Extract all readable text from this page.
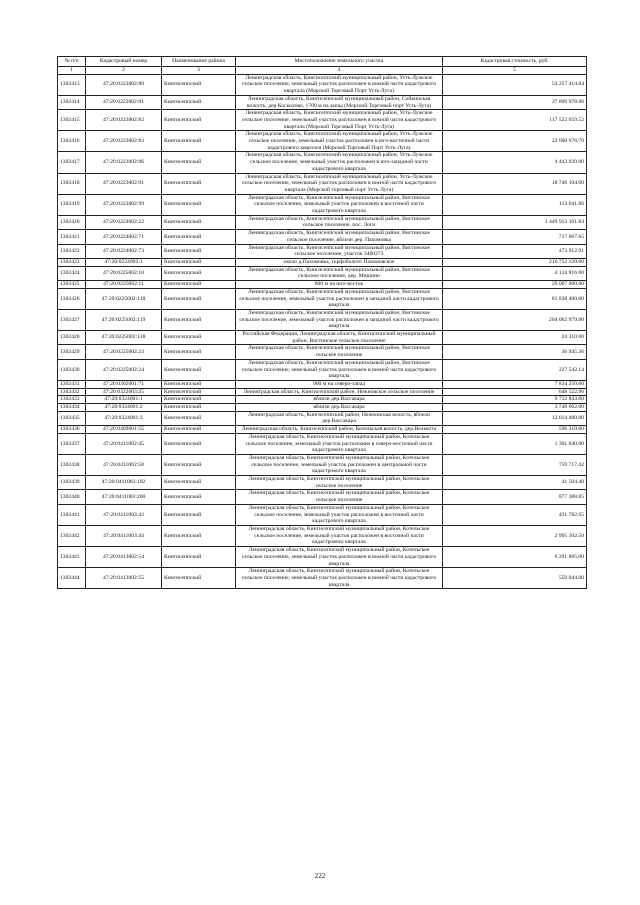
№ п/п	Кадастровый номер	Наименование района	Местоположение земельного участка	Кадастровая стоимость, руб.
1	2	3	4	5
1302413	47:20:0223002:80	Кингисеппский	Ленинградская область, Кингисеппский муниципальный район, Усть-Лужское сельское поселение, земельный участок расположен в южной части кадастрового квартала (Морской Торговый Порт Усть-Луга)	54 257 414.04
1302414	47:20:0223002:81	Кингисеппский	Ленинградская область, Кингисеппский муниципальный район, Сойкинская волость, дер.Косколово, 1700 м на запад (Морской Торговый порт Усть-Луга)	37 809 978.96
1302415	47:20:0223002:82	Кингисеппский	Ленинградская область, Кингисеппский муниципальный район, Усть-Лужское сельское поселение, земельный участок расположен в южной части кадастрового квартала (Морской Торговый Порт Усть-Луга)	117 522 659.52
1302416	47:20:0223002:83	Кингисеппский	Ленинградская область, Кингисеппский муниципальный район, Усть-Лужское сельское поселение, земельный участок расположен в юго-восточной части кадастрового квартала (Морской Торговый Порт Усть-Луга)	22 600 676.70
1302417	47:20:0223002:86	Кингисеппский	Ленинградская область, Кингисеппский муниципальный район, Усть-Лужское сельское поселение, земельный участок расположен в юго-западной части кадастрового квартала	4 443 039.00
1302418	47:20:0223002:91	Кингисеппский	Ленинградская область, Кингисеппский муниципальный район, Усть-Лужское сельское поселение, земельный участок расположен в южной части кадастрового квартала (Морской торговый порт Усть-Луга)	18 746 104.00
1302419	47:20:0223002:99	Кингисеппский	Ленинградская область, Кингисеппский муниципальный район, Вистинское сельское поселение, земельный участок расположен в восточной части кадастрового квартала	113 041.86
1302420	47:20:0224002:22	Кингисеппский	Ленинградская область, Кингисеппский муниципальный район, Вистинское сельское поселение, пос. Логи	1 449 913 101.84
1302421	47:20:0224002:71	Кингисеппский	Ленинградская область, Кингисеппский муниципальный район, Вистинское сельское поселение, вблизи дер. Пахомовка	717 067.65
1302422	47:20:0224002:73	Кингисеппский	Ленинградская область, Кингисеппский муниципальный район, Вистинское сельское поселение, участок 3400273	473 912.91
1302423	47:20:0224003:1	Кингисеппский	около д.Пахомовка, торфоболото Пахомовское	216 752 120.00
1302424	47:20:0225002:10	Кингисеппский	Ленинградская область, Кингисеппский муниципальный район, Вистинское сельское поселение, дер. Мишино	4 134 816.00
1302425	47:20:0225002:11	Кингисеппский	800 м на юго-восток	29 007 000.00
1302426	47:20:0225002:118	Кингисеппский	Ленинградская область, Кингисеппский муниципальный район, Вистинское сельское поселение, земельный участок расположен в западной части кадастрового квартала	81 838 400.00
1302427	47:20:0225002:119	Кингисеппский	Ленинградская область, Кингисеппский муниципальный район, Вистинское сельское поселение, земельный участок расположен в западной части кадастрового квартала	204 062 979.90
1302428	47:20:0225002:138	Кингисеппский	Российская Федерация, Ленинградская область, Кингисеппский муниципальный район, Вистинское сельское поселение	24 310.00
1302429	47:20:0225002:23	Кингисеппский	Ленинградская область, Кингисеппский муниципальный район, Вистинское сельское поселение	36 945.36
1302430	47:20:0225002:24	Кингисеппский	Ленинградская область, Кингисеппский муниципальный район, Вистинское сельское поселение, земельный участок расположен в южной части кадастрового квартала	227 542.14
1302431	47:20:0302001:71	Кингисеппский	900 м на северо-запад	7 834 250.00
1302432	47:20:0322003:25	Кингисеппский	Ленинградская область, Кингисеппский район, Нежновское сельское поселение	648 522.96
1302433	47:20:0324001:1	Кингисеппский	вблизи дер.Вассакара	9 712 843.00
1302434	47:20:0324001:2	Кингисеппский	вблизи дер.Вассакара	3 748 662.00
1302435	47:20:0324001:3	Кингисеппский	Ленинградская область, Кингисеппский район, Нежновская волость, вблизи дер.Вассакара	12 614 480.00
1302436	47:20:0409001:55	Кингисеппский	Ленинградская область, Кингисеппский район, Котельская волость, дер.Велькота	596 310.00
1302437	47:20:0411002:45	Кингисеппский	Ленинградская область, Кингисеппский муниципальный район, Котельское сельское поселение, земельный участок расположен в северо-восточной части кадастрового квартала	1 301 040.00
1302438	47:20:0411002:58	Кингисеппский	Ленинградская область, Кингисеппский муниципальный район, Котельское сельское поселение, земельный участок расположен в центральной части кадастрового квартала	759 717.42
1302439	47:20:0411003:192	Кингисеппский	Ленинградская область, Кингисеппский муниципальный район, Котельское сельское поселение	41 504.40
1302440	47:20:0411003:200	Кингисеппский	Ленинградская область, Кингисеппский муниципальный район, Котельское сельское поселение	877 388.85
1302441	47:20:0411003:43	Кингисеппский	Ленинградская область, Кингисеппский муниципальный район, Котельское сельское поселение, земельный участок расположен в восточной части кадастрового квартала	431 782.65
1302442	47:20:0411003:44	Кингисеппский	Ленинградская область, Кингисеппский муниципальный район, Котельское сельское поселение, земельный участок расположен в восточной части кадастрового квартала	2 995 102.50
1302443	47:20:0413002:54	Кингисеппский	Ленинградская область, Кингисеппский муниципальный район, Котельское сельское поселение, земельный участок расположен в южной части кадастрового квартала	6 291 885.00
1302444	47:20:0413002:55	Кингисеппский	Ленинградская область, Кингисеппский муниципальный район, Котельское сельское поселение, земельный участок расположен в южной части кадастрового квартала	559 044.00
222
